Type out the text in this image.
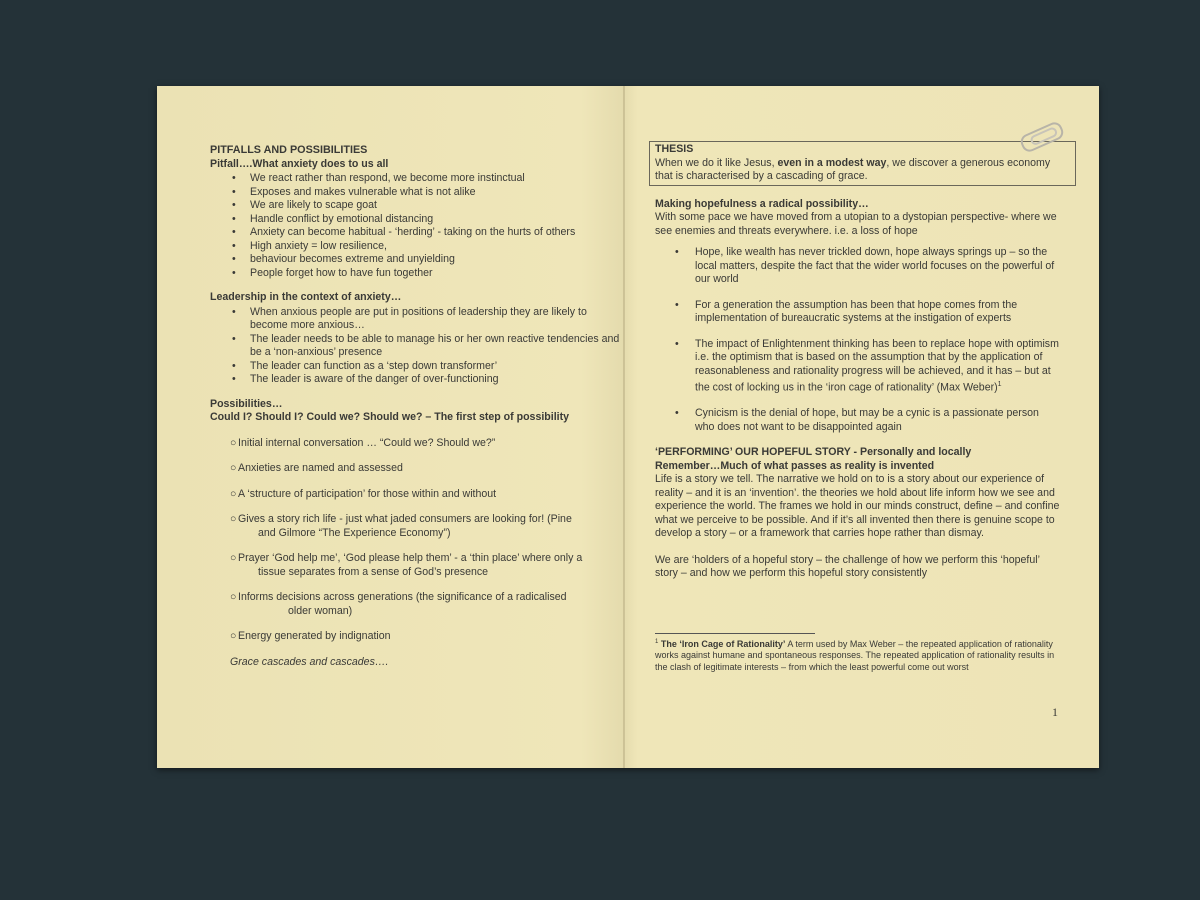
PITFALLS AND POSSIBILITIES
Pitfall….What anxiety does to us all
• We react rather than respond, we become more instinctual
• Exposes and makes vulnerable what is not alike
• We are likely to scape goat
• Handle conflict by emotional distancing
• Anxiety can become habitual - ‘herding’ - taking on the hurts of others
• High anxiety = low resilience,
• behaviour becomes extreme and unyielding
• People forget how to have fun together
Leadership in the context of anxiety…
• When anxious people are put in positions of leadership they are likely to become more anxious…
• The leader needs to be able to manage his or her own reactive tendencies and be a ‘non-anxious’ presence
• The leader can function as a ‘step down transformer’
• The leader is aware of the danger of over-functioning
Possibilities…
Could I? Should I? Could we? Should we? – The first step of possibility
○ Initial internal conversation … “Could we? Should we?”
○ Anxieties are named and assessed
○ A ‘structure of participation’ for those within and without
○ Gives a story rich life - just what jaded consumers are looking for! (Pine
and Gilmore “The Experience Economy”)
○ Prayer ‘God help me’, ‘God please help them’ - a ‘thin place’ where only a
tissue separates from a sense of God’s presence
○ Informs decisions across generations (the significance of a radicalised
older woman)
○ Energy generated by indignation
Grace cascades and cascades….
THESIS
When we do it like Jesus, even in a modest way, we discover a generous economy that is characterised by a cascading of grace.
Making hopefulness a radical possibility…
With some pace we have moved from a utopian to a dystopian perspective- where we see enemies and threats everywhere. i.e. a loss of hope
• Hope, like wealth has never trickled down, hope always springs up – so the local matters, despite the fact that the wider world focuses on the powerful of our world
• For a generation the assumption has been that hope comes from the implementation of bureaucratic systems at the instigation of experts
• The impact of Enlightenment thinking has been to replace hope with optimism i.e. the optimism that is based on the assumption that by the application of reasonableness and rationality progress will be achieved, and it has – but at the cost of locking us in the ‘iron cage of rationality’ (Max Weber)$^1$
• Cynicism is the denial of hope, but may be a cynic is a passionate person who does not want to be disappointed again
‘PERFORMING’ OUR HOPEFUL STORY - Personally and locally
Remember…Much of what passes as reality is invented
Life is a story we tell. The narrative we hold on to is a story about our experience of reality – and it is an ‘invention’. the theories we hold about life inform how we see and experience the world. The frames we hold in our minds construct, define – and confine what we perceive to be possible. And if it’s all invented then there is genuine scope to develop a story – or a framework that carries hope rather than dismay.
We are ‘holders of a hopeful story – the challenge of how we perform this ‘hopeful’ story – and how we perform this hopeful story consistently
$^1$ The ‘Iron Cage of Rationality’ A term used by Max Weber – the repeated application of rationality works against humane and spontaneous responses. The repeated application of rationality results in the clash of legitimate interests – from which the least powerful come out worst
1
